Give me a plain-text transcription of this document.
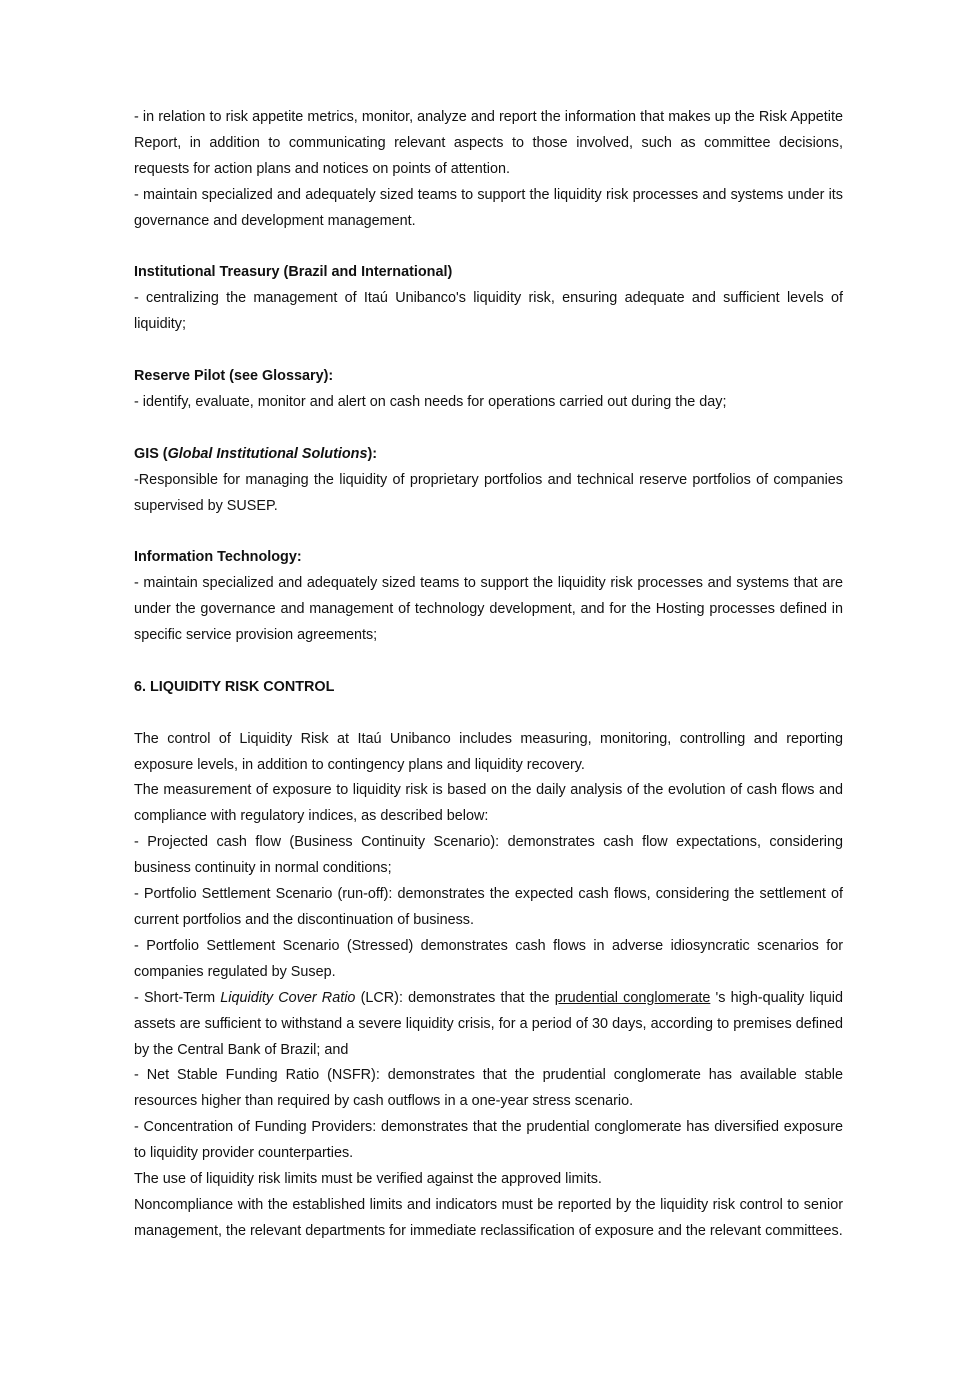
- in relation to risk appetite metrics, monitor, analyze and report the information that makes up the Risk Appetite Report, in addition to communicating relevant aspects to those involved, such as committee decisions, requests for action plans and notices on points of attention.

- maintain specialized and adequately sized teams to support the liquidity risk processes and systems under its governance and development management.

Institutional Treasury (Brazil and International)

- centralizing the management of Itaú Unibanco's liquidity risk, ensuring adequate and sufficient levels of liquidity;

Reserve Pilot (see Glossary):

- identify, evaluate, monitor and alert on cash needs for operations carried out during the day;

GIS (Global Institutional Solutions):

-Responsible for managing the liquidity of proprietary portfolios and technical reserve portfolios of companies supervised by SUSEP.

Information Technology:

- maintain specialized and adequately sized teams to support the liquidity risk processes and systems that are under the governance and management of technology development, and for the Hosting processes defined in specific service provision agreements;

6. LIQUIDITY RISK CONTROL

The control of Liquidity Risk at Itaú Unibanco includes measuring, monitoring, controlling and reporting exposure levels, in addition to contingency plans and liquidity recovery.

The measurement of exposure to liquidity risk is based on the daily analysis of the evolution of cash flows and compliance with regulatory indices, as described below:

- Projected cash flow (Business Continuity Scenario): demonstrates cash flow expectations, considering business continuity in normal conditions;

- Portfolio Settlement Scenario (run-off): demonstrates the expected cash flows, considering the settlement of current portfolios and the discontinuation of business.

- Portfolio Settlement Scenario (Stressed) demonstrates cash flows in adverse idiosyncratic scenarios for companies regulated by Susep.

- Short-Term Liquidity Cover Ratio (LCR): demonstrates that the prudential conglomerate 's high-quality liquid assets are sufficient to withstand a severe liquidity crisis, for a period of 30 days, according to premises defined by the Central Bank of Brazil; and

- Net Stable Funding Ratio (NSFR): demonstrates that the prudential conglomerate has available stable resources higher than required by cash outflows in a one-year stress scenario.

- Concentration of Funding Providers: demonstrates that the prudential conglomerate has diversified exposure to liquidity provider counterparties.

The use of liquidity risk limits must be verified against the approved limits.

Noncompliance with the established limits and indicators must be reported by the liquidity risk control to senior management, the relevant departments for immediate reclassification of exposure and the relevant committees.
